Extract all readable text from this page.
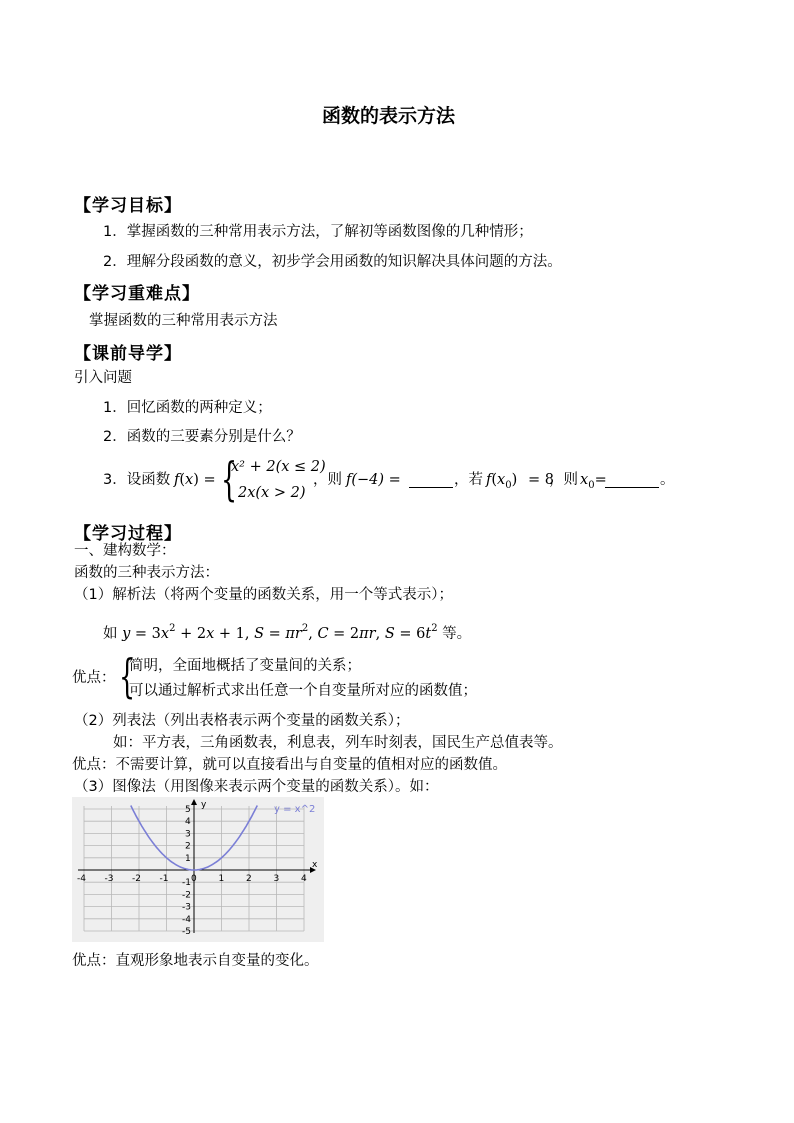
函数的表示方法
【学习目标】
1．掌握函数的三种常用表示方法，了解初等函数图像的几种情形；
2．理解分段函数的意义，初步学会用函数的知识解决具体问题的方法。
【学习重难点】
掌握函数的三种常用表示方法
【课前导学】
引入问题
1．回忆函数的两种定义；
2．函数的三要素分别是什么？
3．设函数 f(x) = {
x² + 2(x ≤ 2)
2x(x > 2)
，则 f(−4) =	，若 $f(x_0) = 8$
，则 $x_0=$	。
【学习过程】
一、建构数学：
函数的三种表示方法：
（1）解析法（将两个变量的函数关系，用一个等式表示）；
如 $y = 3x^2 + 2x + 1$, $S = \pi r^2$, C = 2πr, $S = 6t^2$ 等。
优点： {
简明，全面地概括了变量间的关系；
可以通过解析式求出任意一个自变量所对应的函数值；
（2）列表法（列出表格表示两个变量的函数关系）；
如：平方表，三角函数表，利息表，列车时刻表，国民生产总值表等。
优点：不需要计算，就可以直接看出与自变量的值相对应的函数值。
（3）图像法（用图像来表示两个变量的函数关系）。如：
-4 -3 -2 -1	0 1 2 3 4
5
4
3
2
1
-1
-2
-3
-4
-5
y = x^2
x
y
优点：直观形象地表示自变量的变化。
